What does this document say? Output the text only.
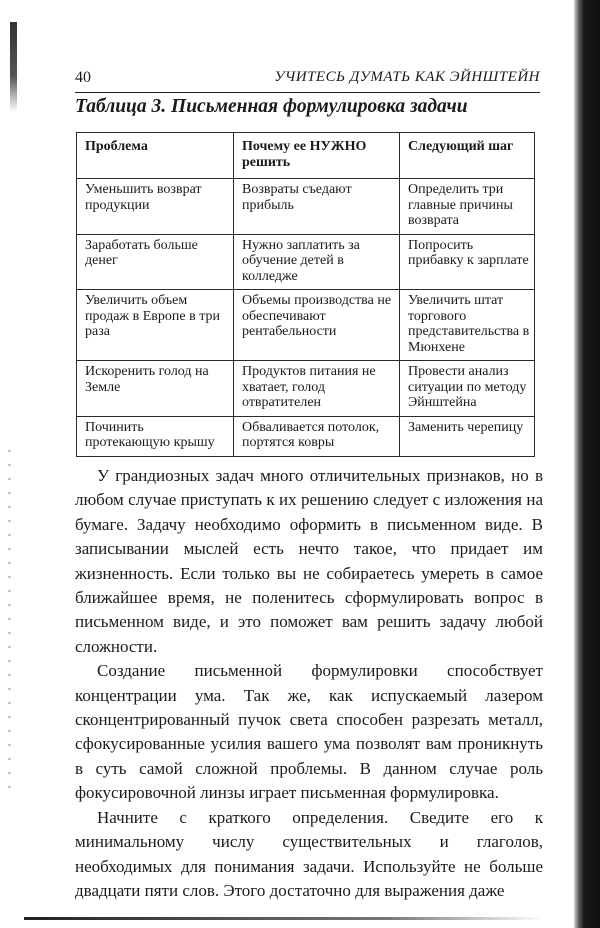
40	УЧИТЕСЬ ДУМАТЬ КАК ЭЙНШТЕЙН
Таблица 3. Письменная формулировка задачи
Проблема	Почему ее НУЖНО решить	Следующий шаг
Уменьшить возврат продукции	Возвраты съедают прибыль	Определить три главные причины возврата
Заработать больше денег	Нужно заплатить за обучение детей в колледже	Попросить прибавку к зарплате
Увеличить объем продаж в Европе в три раза	Объемы производства не обеспечивают рентабельности	Увеличить штат торгового представительства в Мюнхене
Искоренить голод на Земле	Продуктов питания не хватает, голод отвратителен	Провести анализ ситуации по методу Эйнштейна
Починить протекающую крышу	Обваливается потолок, портятся ковры	Заменить черепицу

У грандиозных задач много отличительных признаков, но в любом случае приступать к их решению следует с изложения на бумаге. Задачу необходимо оформить в письменном виде. В записывании мыслей есть нечто такое, что придает им жизненность. Если только вы не собираетесь умереть в самое ближайшее время, не поленитесь сформулировать вопрос в письменном виде, и это поможет вам решить задачу любой сложности.

Создание письменной формулировки способствует концентрации ума. Так же, как испускаемый лазером сконцентрированный пучок света способен разрезать металл, сфокусированные усилия вашего ума позволят вам проникнуть в суть самой сложной проблемы. В данном случае роль фокусировочной линзы играет письменная формулировка.

Начните с краткого определения. Сведите его к минимальному числу существительных и глаголов, необходимых для понимания задачи. Используйте не больше двадцати пяти слов. Этого достаточно для выражения даже
